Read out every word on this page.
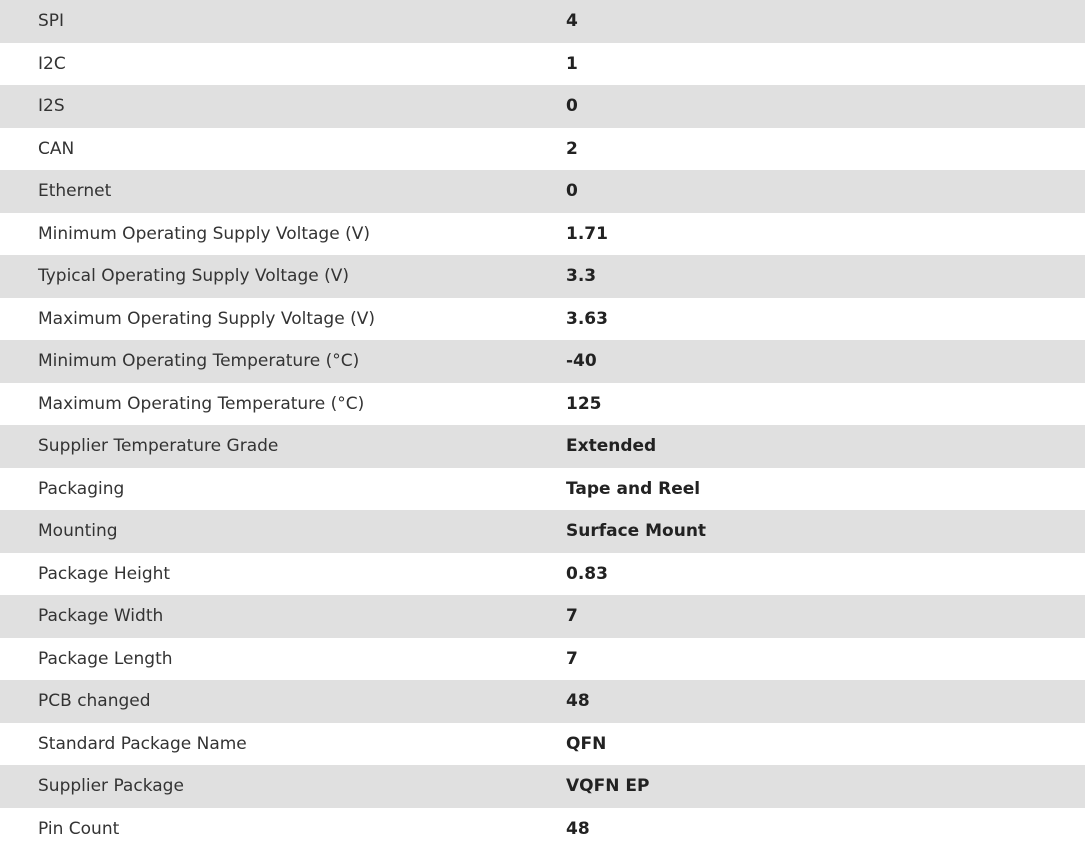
SPI	4
I2C	1
I2S	0
CAN	2
Ethernet	0
Minimum Operating Supply Voltage (V)	1.71
Typical Operating Supply Voltage (V)	3.3
Maximum Operating Supply Voltage (V)	3.63
Minimum Operating Temperature (°C)	-40
Maximum Operating Temperature (°C)	125
Supplier Temperature Grade	Extended
Packaging	Tape and Reel
Mounting	Surface Mount
Package Height	0.83
Package Width	7
Package Length	7
PCB changed	48
Standard Package Name	QFN
Supplier Package	VQFN EP
Pin Count	48
